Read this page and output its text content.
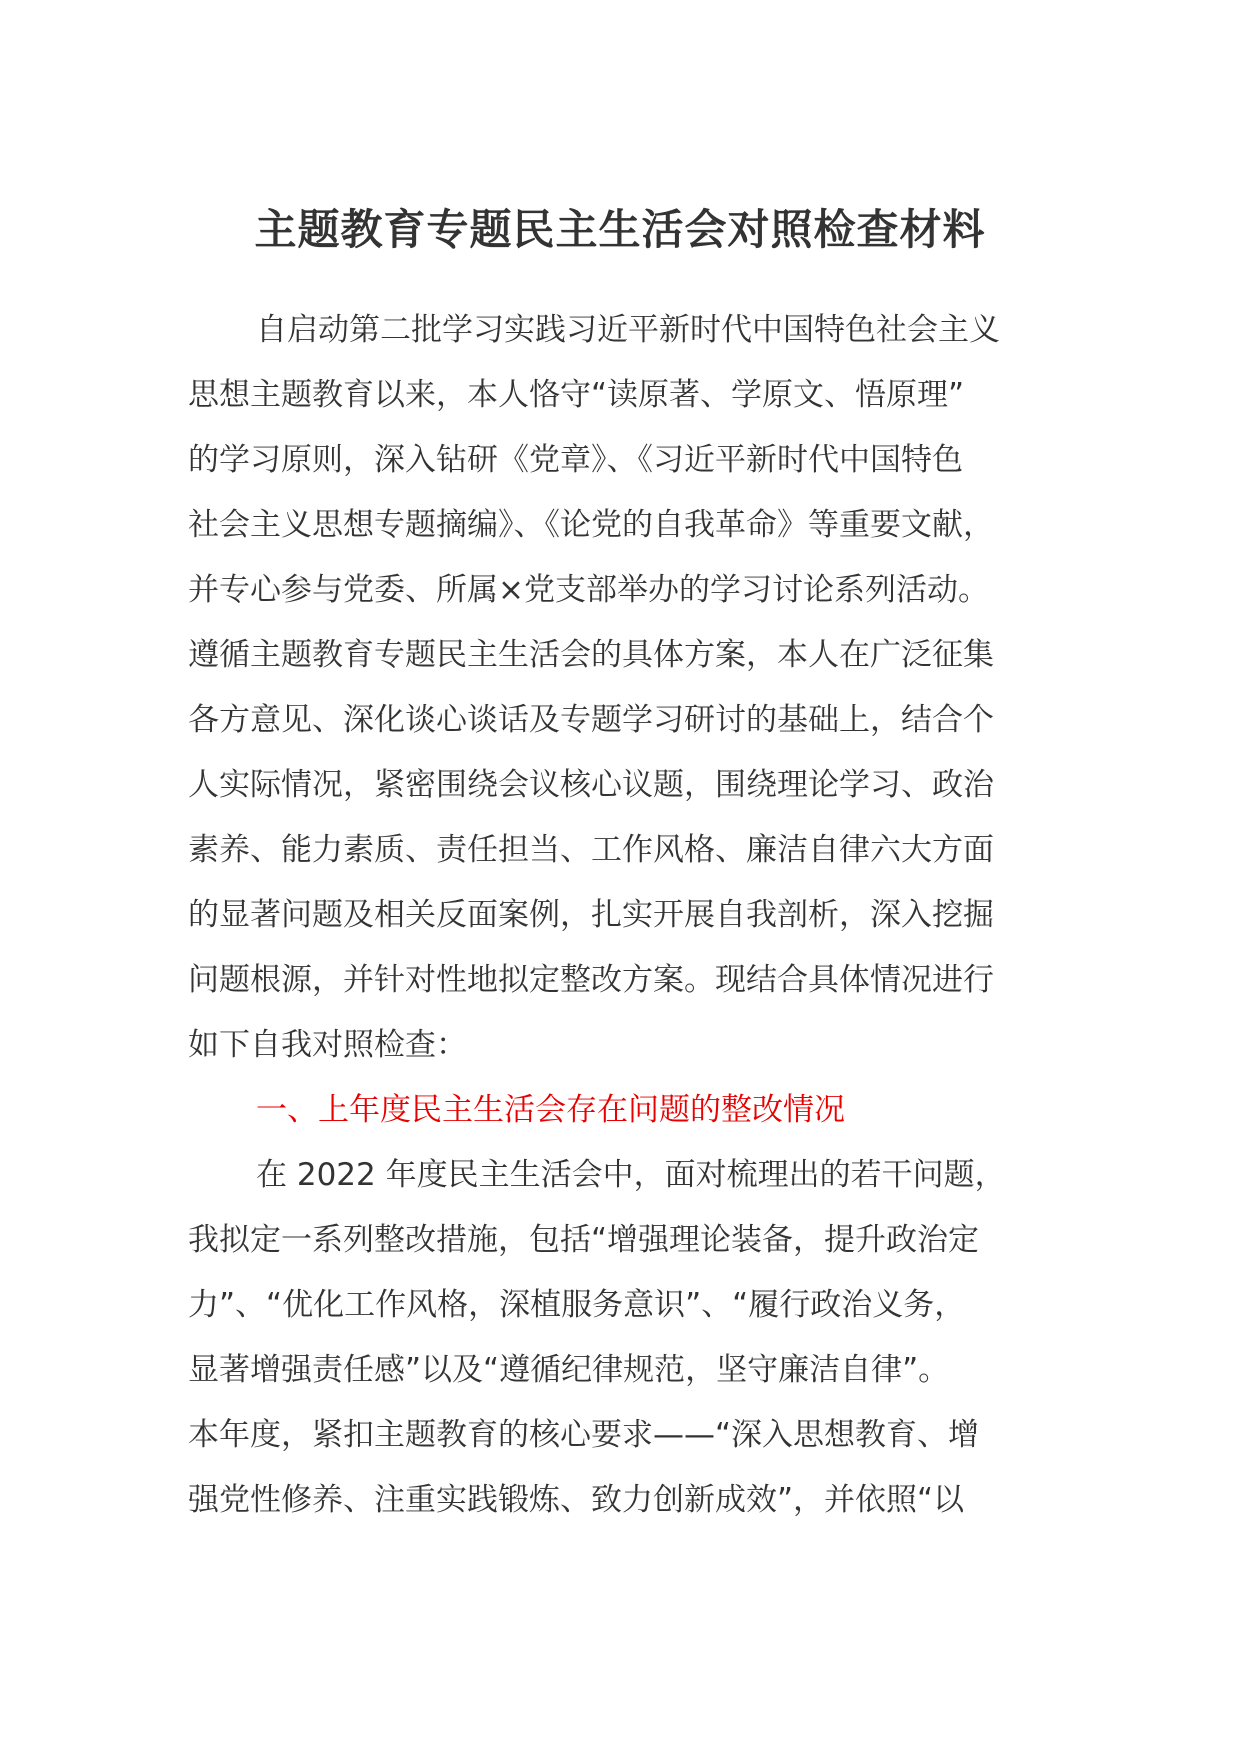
主题教育专题民主生活会对照检查材料
自启动第二批学习实践习近平新时代中国特色社会主义
思想主题教育以来，本人恪守“读原著、学原文、悟原理”
的学习原则，深入钻研《党章》、《习近平新时代中国特色
社会主义思想专题摘编》、《论党的自我革命》等重要文献，
并专心参与党委、所属×党支部举办的学习讨论系列活动。
遵循主题教育专题民主生活会的具体方案，本人在广泛征集
各方意见、深化谈心谈话及专题学习研讨的基础上，结合个
人实际情况，紧密围绕会议核心议题，围绕理论学习、政治
素养、能力素质、责任担当、工作风格、廉洁自律六大方面
的显著问题及相关反面案例，扎实开展自我剖析，深入挖掘
问题根源，并针对性地拟定整改方案。现结合具体情况进行
如下自我对照检查：
一、上年度民主生活会存在问题的整改情况
在 2022 年度民主生活会中，面对梳理出的若干问题，
我拟定一系列整改措施，包括“增强理论装备，提升政治定
力”、“优化工作风格，深植服务意识”、“履行政治义务，
显著增强责任感”以及“遵循纪律规范，坚守廉洁自律”。
本年度，紧扣主题教育的核心要求——“深入思想教育、增
强党性修养、注重实践锻炼、致力创新成效”，并依照“以
